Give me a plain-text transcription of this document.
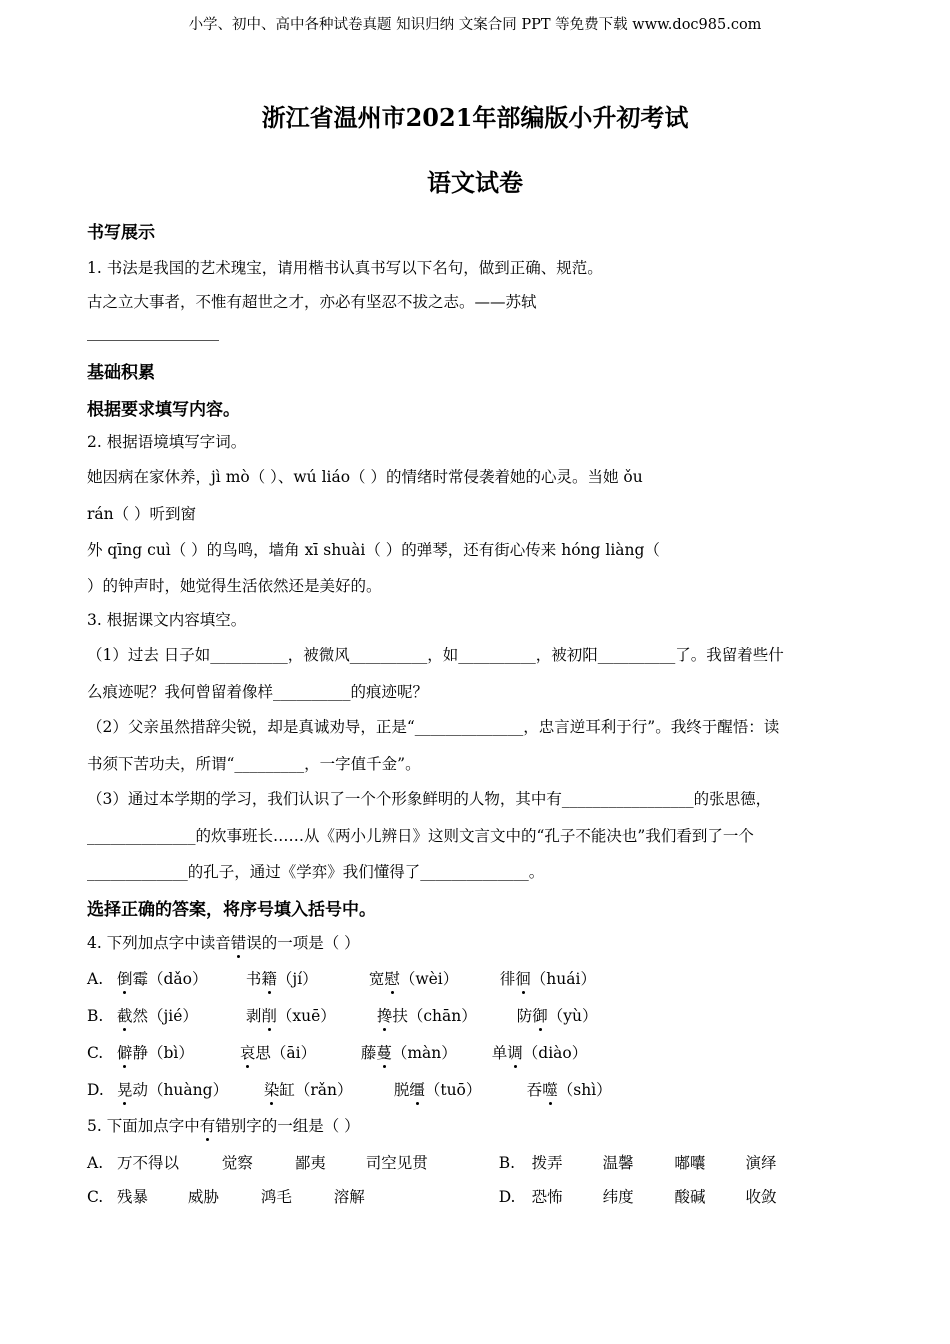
小学、初中、高中各种试卷真题 知识归纳 文案合同 PPT 等免费下载 www.doc985.com
浙江省温州市2021年部编版小升初考试
语文试卷
书写展示
1. 书法是我国的艺术瑰宝，请用楷书认真书写以下名句，做到正确、规范。
古之立大事者，不惟有超世之才，亦必有坚忍不拔之志。——苏轼
基础积累
根据要求填写内容。
2. 根据语境填写字词。
她因病在家休养，jì mò（ ）、wú liáo（ ）的情绪时常侵袭着她的心灵。当她 ǒu
rán（ ）听到窗
外 qīng cuì（ ）的鸟鸣，墙角 xī shuài（ ）的弹琴，还有街心传来 hóng liàng（
）的钟声时，她觉得生活依然还是美好的。
3. 根据课文内容填空。
（1）过去 日子如__________，被微风__________，如__________，被初阳__________了。我留着些什
么痕迹呢？我何曾留着像样__________的痕迹呢？
（2）父亲虽然措辞尖锐，却是真诚劝导，正是“______________，忠言逆耳利于行”。我终于醒悟：读
书须下苦功夫，所谓“_________，一字值千金”。
（3）通过本学期的学习，我们认识了一个个形象鲜明的人物，其中有_________________的张思德，
______________的炊事班长……从《两小儿辨日》这则文言文中的“孔子不能决也”我们看到了一个
_____________的孔子，通过《学弈》我们懂得了______________。
选择正确的答案，将序号填入括号中。
4. 下列加点字中读音错误的一项是（ ）
A. 倒霉（dǎo） 书籍（jí）	宽慰（wèi）	徘徊（huái）
B. 截然（jié）	剥削（xuē）	搀扶（chān）	防御（yù）
C. 僻静（bì）	哀思（āi）	藤蔓（màn） 单调（diào）
D. 晃动（huàng） 染缸（rǎn）	脱缰（tuō）	吞噬（shì）
5. 下面加点字中有错别字的一组是（ ）
A. 万不得以	觉察	鄙夷	司空见贯	B. 拨弄	温馨	嘟囔	演绎
C. 残暴	威胁	鸿毛	溶解	D. 恐怖	纬度	酸碱	收敛
